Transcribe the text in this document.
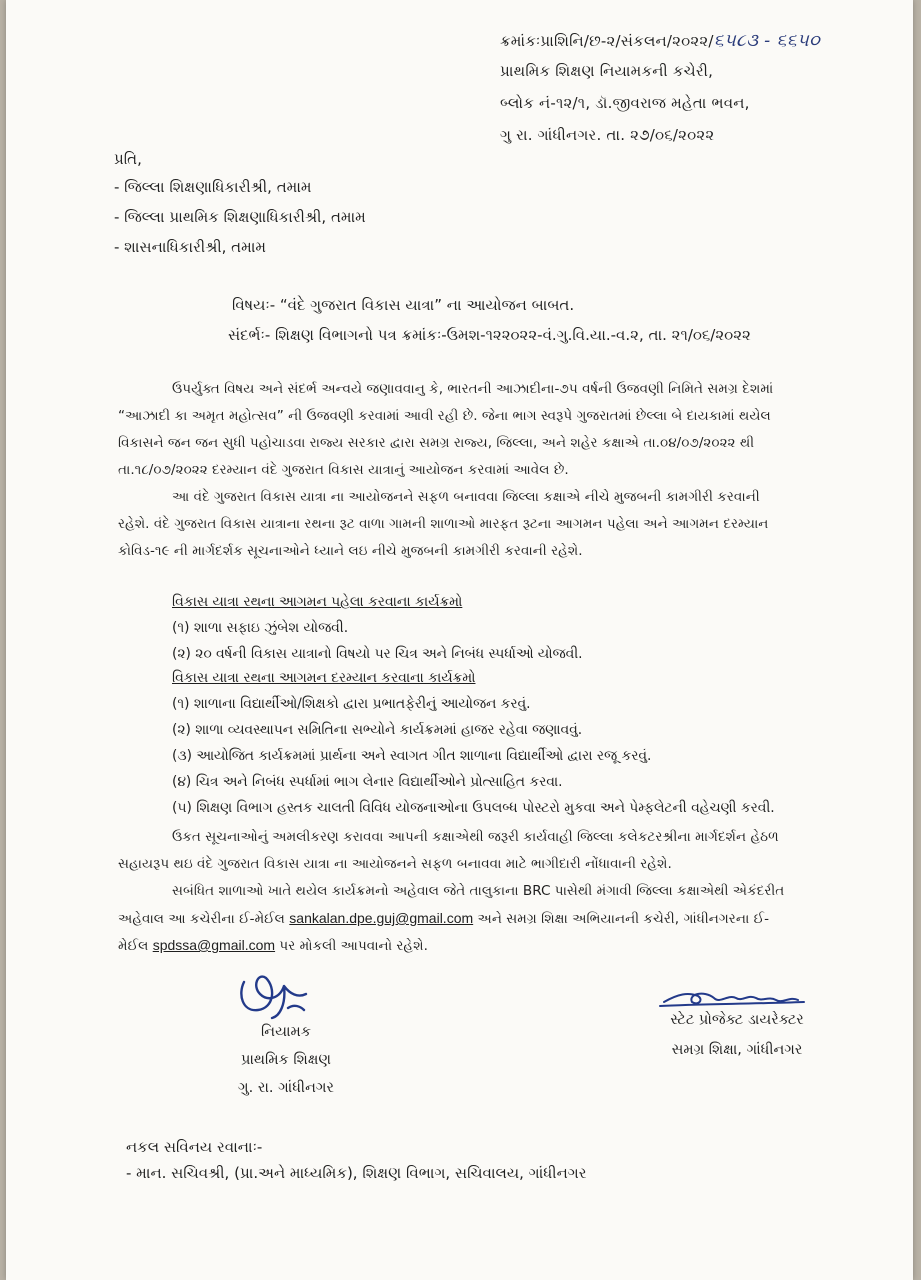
ક્રમાંકઃપ્રાશિનિ/છ-૨/સંકલન/૨૦૨૨/૬૫૮૩ - ૬૬૫૦
પ્રાથમિક શિક્ષણ નિયામકની કચેરી,
બ્લોક નં-૧૨/૧, ડૉ.જીવરાજ મહેતા ભવન,
ગુ રા. ગાંધીનગર. તા. ૨૭/૦૬/૨૦૨૨
પ્રતિ,
- જિલ્લા શિક્ષણાધિકારીશ્રી, તમામ
- જિલ્લા પ્રાથમિક શિક્ષણાધિકારીશ્રી, તમામ
- શાસનાધિકારીશ્રી, તમામ
વિષયઃ- “વંદે ગુજરાત વિકાસ યાત્રા” ના આયોજન બાબત.
સંદર્ભઃ- શિક્ષણ વિભાગનો પત્ર ક્રમાંકઃ-ઉમશ-૧૨૨૦૨૨-વં.ગુ.વિ.યા.-વ.૨, તા. ૨૧/૦૬/૨૦૨૨
ઉપર્યુક્ત વિષય અને સંદર્ભ અન્વયે જણાવવાનુ કે, ભારતની આઝાદીના-૭૫ વર્ષની ઉજવણી નિમિતે સમગ્ર દેશમાં
“આઝાદી કા અમૃત મહોત્સવ” ની ઉજવણી કરવામાં આવી રહી છે. જેના ભાગ સ્વરૂપે ગુજરાતમાં છેલ્લા બે દાયકામાં થયેલ
વિકાસને જન જન સુધી પહોચાડવા રાજ્ય સરકાર દ્વારા સમગ્ર રાજ્ય, જિલ્લા, અને શહેર કક્ષાએ તા.૦૪/૦૭/૨૦૨૨ થી
તા.૧૮/૦૭/૨૦૨૨ દરમ્યાન વંદે ગુજરાત વિકાસ યાત્રાનું આયોજન કરવામાં આવેલ છે.
આ વંદે ગુજરાત વિકાસ યાત્રા ના આયોજનને સફળ બનાવવા જિલ્લા કક્ષાએ નીચે મુજબની કામગીરી કરવાની
રહેશે. વંદે ગુજરાત વિકાસ યાત્રાના રથના રૂટ વાળા ગામની શાળાઓ મારફત રૂટના આગમન પહેલા અને આગમન દરમ્યાન
કોવિડ-૧૯ ની માર્ગદર્શક સૂચનાઓને ધ્યાને લઇ નીચે મુજબની કામગીરી કરવાની રહેશે.
વિકાસ યાત્રા રથના આગમન પહેલા કરવાના કાર્યક્રમો
(૧) શાળા સફાઇ ઝુંબેશ યોજવી.
(૨) ૨૦ વર્ષની વિકાસ યાત્રાનો વિષયો પર ચિત્ર અને નિબંધ સ્પર્ધાઓ યોજવી.
વિકાસ યાત્રા રથના આગમન દરમ્યાન કરવાના કાર્યક્રમો
(૧) શાળાના વિદ્યાર્થીઓ/શિક્ષકો દ્વારા પ્રભાતફેરીનું આયોજન કરવું.
(૨) શાળા વ્યવસ્થાપન સમિતિના સભ્યોને કાર્યક્રમમાં હાજર રહેવા જણાવવું.
(૩) આયોજિત કાર્યક્રમમાં પ્રાર્થના અને સ્વાગત ગીત શાળાના વિદ્યાર્થીઓ દ્વારા રજૂ કરવું.
(૪) ચિત્ર અને નિબંધ સ્પર્ધામાં ભાગ લેનાર વિદ્યાર્થીઓને પ્રોત્સાહિત કરવા.
(૫) શિક્ષણ વિભાગ હસ્તક ચાલતી વિવિધ યોજનાઓના ઉપલબ્ધ પોસ્ટરો મુકવા અને પેમ્ફલેટની વહેચણી કરવી.
ઉકત સૂચનાઓનું અમલીકરણ કરાવવા આપની કક્ષાએથી જરૂરી કાર્યવાહી જિલ્લા કલેકટરશ્રીના માર્ગદર્શન હેઠળ
સહાયરૂપ થઇ વંદે ગુજરાત વિકાસ યાત્રા ના આયોજનને સફળ બનાવવા માટે ભાગીદારી નોંધાવાની રહેશે.
સબંધિત શાળાઓ ખાતે થયેલ કાર્યક્રમનો અહેવાલ જેતે તાલુકાના BRC પાસેથી મંગાવી જિલ્લા કક્ષાએથી એકંદરીત
અહેવાલ આ કચેરીના ઈ-મેઈલ sankalan.dpe.guj@gmail.com અને સમગ્ર શિક્ષા અભિયાનની કચેરી, ગાંધીનગરના ઈ-
મેઈલ spdssa@gmail.com પર મોકલી આપવાનો રહેશે.
નિયામક
પ્રાથમિક શિક્ષણ
ગુ. રા. ગાંધીનગર
સ્ટેટ પ્રોજેક્ટ ડાયરેક્ટર
સમગ્ર શિક્ષા, ગાંધીનગર
નકલ સવિનય રવાનાઃ-
- માન. સચિવશ્રી, (પ્રા.અને માધ્યમિક), શિક્ષણ વિભાગ, સચિવાલય, ગાંધીનગર
